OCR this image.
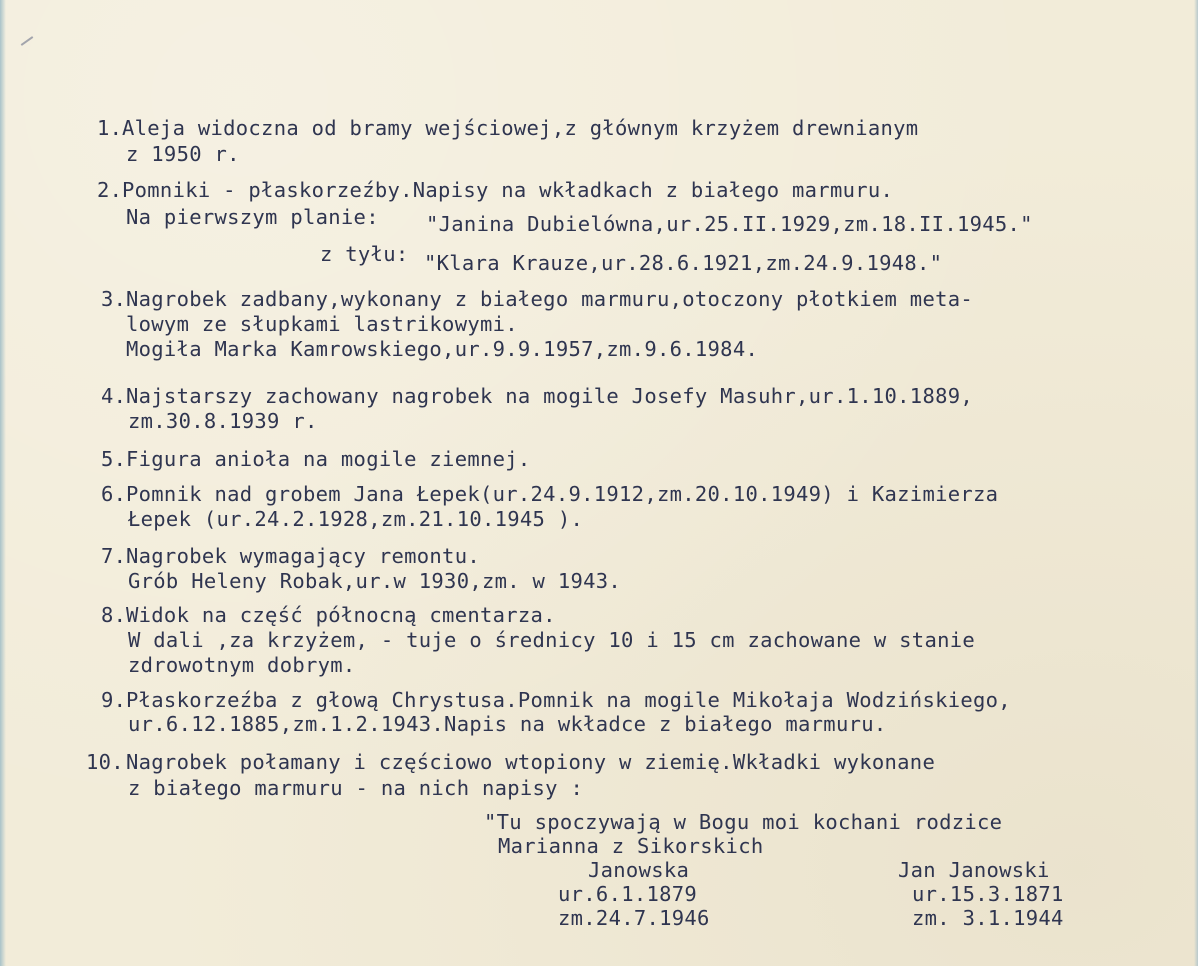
1. Aleja widoczna od bramy wejściowej,z głównym krzyżem drewnianym
z 1950 r.
2. Pomniki - płaskorzeźby.Napisy na wkładkach z białego marmuru.
Na pierwszym planie: "Janina Dubielówna,ur.25.II.1929,zm.18.II.1945."
z tyłu: "Klara Krauze,ur.28.6.1921,zm.24.9.1948."
3. Nagrobek zadbany,wykonany z białego marmuru,otoczony płotkiem meta-
lowym ze słupkami lastrikowymi.
Mogiła Marka Kamrowskiego,ur.9.9.1957,zm.9.6.1984.
4. Najstarszy zachowany nagrobek na mogile Josefy Masuhr,ur.1.10.1889,
zm.30.8.1939 r.
5. Figura anioła na mogile ziemnej.
6. Pomnik nad grobem Jana Łepek(ur.24.9.1912,zm.20.10.1949) i Kazimierza
Łepek (ur.24.2.1928,zm.21.10.1945 ).
7. Nagrobek wymagający remontu.
Grób Heleny Robak,ur.w 1930,zm. w 1943.
8. Widok na część północną cmentarza.
W dali ,za krzyżem, - tuje o średnicy 10 i 15 cm zachowane w stanie
zdrowotnym dobrym.
9. Płaskorzeźba z głową Chrystusa.Pomnik na mogile Mikołaja Wodzińskiego,
ur.6.12.1885,zm.1.2.1943.Napis na wkładce z białego marmuru.
10. Nagrobek połamany i częściowo wtopiony w ziemię.Wkładki wykonane
z białego marmuru - na nich napisy :
"Tu spoczywają w Bogu moi kochani rodzice
Marianna z Sikorskich
Janowska
ur.6.1.1879
zm.24.7.1946
Jan Janowski
ur.15.3.1871
zm. 3.1.1944
